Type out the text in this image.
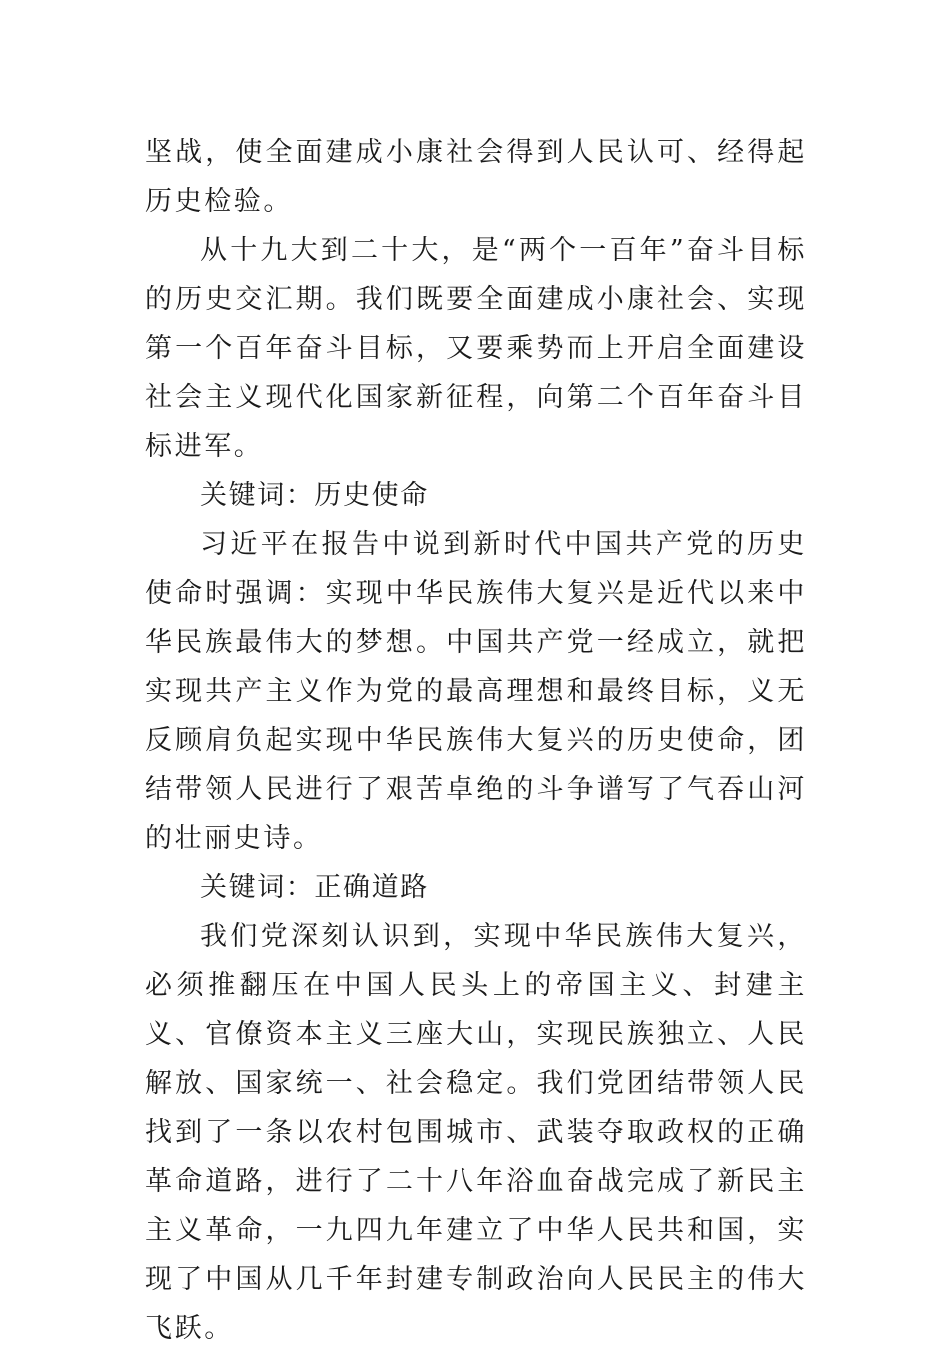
坚战，使全面建成小康社会得到人民认可、经得起历史检验。

从十九大到二十大，是“两个一百年”奋斗目标的历史交汇期。我们既要全面建成小康社会、实现第一个百年奋斗目标，又要乘势而上开启全面建设社会主义现代化国家新征程，向第二个百年奋斗目标进军。

关键词：历史使命

习近平在报告中说到新时代中国共产党的历史使命时强调：实现中华民族伟大复兴是近代以来中华民族最伟大的梦想。中国共产党一经成立，就把实现共产主义作为党的最高理想和最终目标，义无反顾肩负起实现中华民族伟大复兴的历史使命，团结带领人民进行了艰苦卓绝的斗争谱写了气吞山河的壮丽史诗。

关键词：正确道路

我们党深刻认识到，实现中华民族伟大复兴，必须推翻压在中国人民头上的帝国主义、封建主义、官僚资本主义三座大山，实现民族独立、人民解放、国家统一、社会稳定。我们党团结带领人民找到了一条以农村包围城市、武装夺取政权的正确革命道路，进行了二十八年浴血奋战完成了新民主主义革命，一九四九年建立了中华人民共和国，实现了中国从几千年封建专制政治向人民民主的伟大飞跃。
